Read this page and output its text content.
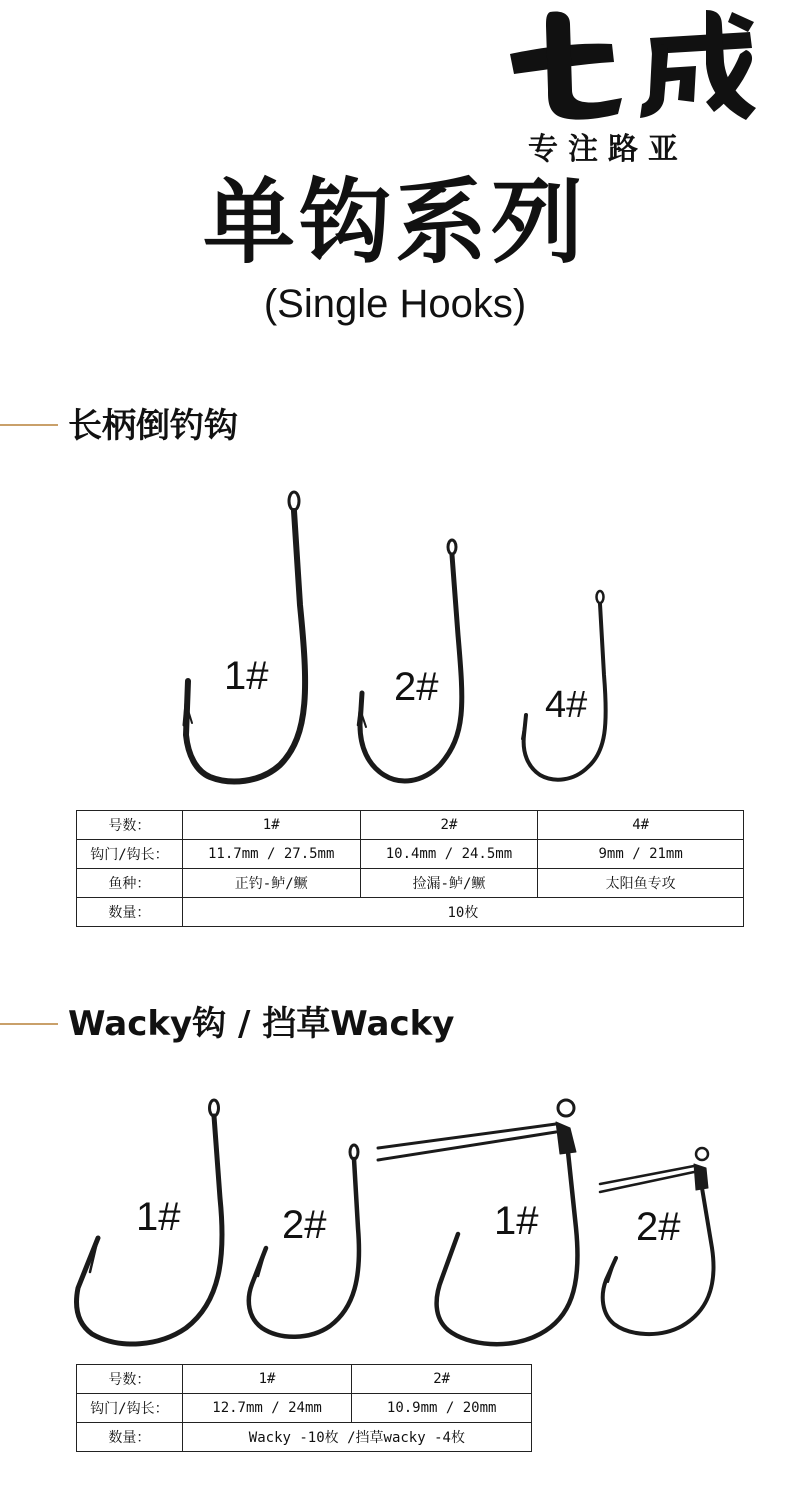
专注路亚
单钩系列
(Single Hooks)
长柄倒钓钩
1#	2#	4#
号数：	1#	2#	4#
钩门/钩长：	11.7mm / 27.5mm	10.4mm / 24.5mm	9mm / 21mm
鱼种：	正钓-鲈/鳜	捡漏-鲈/鳜	太阳鱼专攻
数量：	10枚		
Wacky钩 / 挡草Wacky
1#	2#	1# 2#
号数：	1#	2#
钩门/钩长：	12.7mm / 24mm	10.9mm / 20mm
数量：	Wacky -10枚 /挡草wacky -4枚	
